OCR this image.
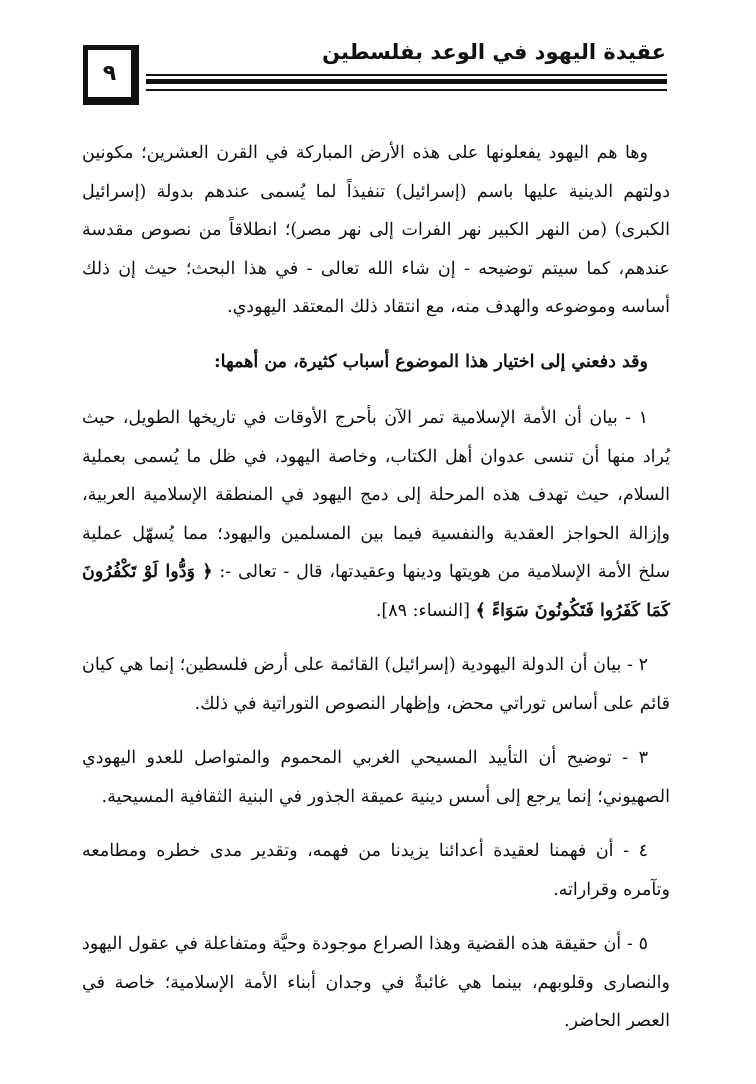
٩
عقيدة اليهود في الوعد بفلسطين

وها هم اليهود يفعلونها على هذه الأرض المباركة في القرن العشرين؛ مكونين دولتهم الدينية عليها باسم (إسرائيل) تنفيذاً لما يُسمى عندهم بدولة (إسرائيل الكبرى) (من النهر الكبير نهر الفرات إلى نهر مصر)؛ انطلاقاً من نصوص مقدسة عندهم، كما سيتم توضيحه - إن شاء الله تعالى - في هذا البحث؛ حيث إن ذلك أساسه وموضوعه والهدف منه، مع انتقاد ذلك المعتقد اليهودي.

وقد دفعني إلى اختيار هذا الموضوع أسباب كثيرة، من أهمها:

١ - بيان أن الأمة الإسلامية تمر الآن بأحرج الأوقات في تاريخها الطويل، حيث يُراد منها أن تنسى عدوان أهل الكتاب، وخاصة اليهود، في ظل ما يُسمى بعملية السلام، حيث تهدف هذه المرحلة إلى دمج اليهود في المنطقة الإسلامية العربية، وإزالة الحواجز العقدية والنفسية فيما بين المسلمين واليهود؛ مما يُسهّل عملية سلخ الأمة الإسلامية من هويتها ودينها وعقيدتها، قال - تعالى -: ﴿ وَدُّوا لَوْ تَكْفُرُونَ كَمَا كَفَرُوا فَتَكُونُونَ سَوَاءً ﴾ [النساء: ٨٩].

٢ - بيان أن الدولة اليهودية (إسرائيل) القائمة على أرض فلسطين؛ إنما هي كيان قائم على أساس توراتي محض، وإظهار النصوص التوراتية في ذلك.

٣ - توضيح أن التأييد المسيحي الغربي المحموم والمتواصل للعدو اليهودي الصهيوني؛ إنما يرجع إلى أسس دينية عميقة الجذور في البنية الثقافية المسيحية.

٤ - أن فهمنا لعقيدة أعدائنا يزيدنا من فهمه، وتقدير مدى خطره ومطامعه وتآمره وقراراته.

٥ - أن حقيقة هذه القضية وهذا الصراع موجودة وحيَّة ومتفاعلة في عقول اليهود والنصارى وقلوبهم، بينما هي غائبةٌ في وجدان أبناء الأمة الإسلامية؛ خاصة في العصر الحاضر.
